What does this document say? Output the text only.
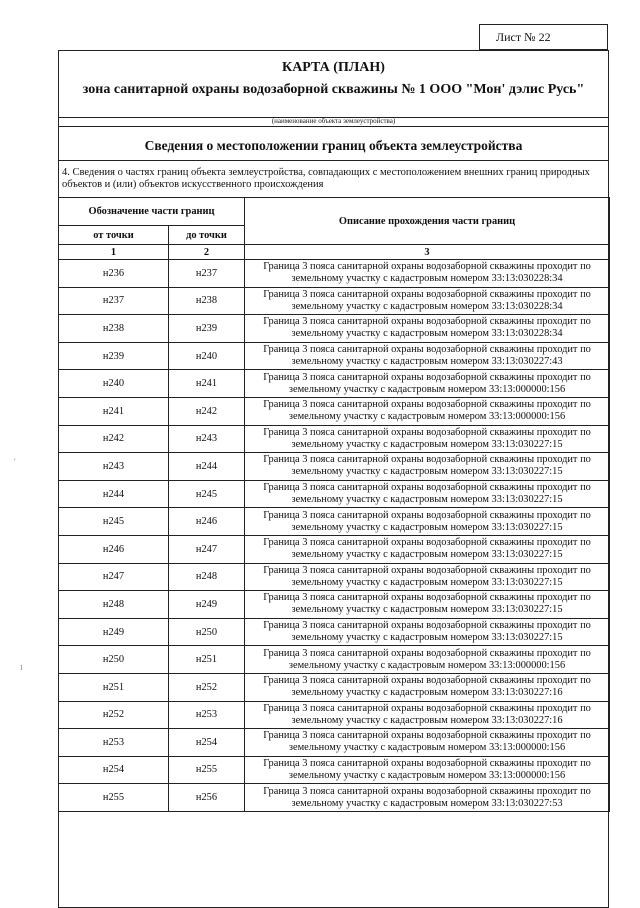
Лист № 22
КАРТА (ПЛАН)
зона санитарной охраны водозаборной скважины № 1 ООО "Мон' дэлис Русь"
(наименование объекта землеустройства)
Сведения о местоположении границ объекта землеустройства
4. Сведения о частях границ объекта землеустройства, совпадающих с местоположением внешних границ природных объектов и (или) объектов искусственного происхождения
Обозначение части границ		Описание прохождения части границ
от точки	до точки	
1	2	3
н236	н237	Граница 3 пояса санитарной охраны водозаборной скважины проходит по земельному участку с кадастровым номером 33:13:030228:34
н237	н238	Граница 3 пояса санитарной охраны водозаборной скважины проходит по земельному участку с кадастровым номером 33:13:030228:34
н238	н239	Граница 3 пояса санитарной охраны водозаборной скважины проходит по земельному участку с кадастровым номером 33:13:030228:34
н239	н240	Граница 3 пояса санитарной охраны водозаборной скважины проходит по земельному участку с кадастровым номером 33:13:030227:43
н240	н241	Граница 3 пояса санитарной охраны водозаборной скважины проходит по земельному участку с кадастровым номером 33:13:000000:156
н241	н242	Граница 3 пояса санитарной охраны водозаборной скважины проходит по земельному участку с кадастровым номером 33:13:000000:156
н242	н243	Граница 3 пояса санитарной охраны водозаборной скважины проходит по земельному участку с кадастровым номером 33:13:030227:15
н243	н244	Граница 3 пояса санитарной охраны водозаборной скважины проходит по земельному участку с кадастровым номером 33:13:030227:15
н244	н245	Граница 3 пояса санитарной охраны водозаборной скважины проходит по земельному участку с кадастровым номером 33:13:030227:15
н245	н246	Граница 3 пояса санитарной охраны водозаборной скважины проходит по земельному участку с кадастровым номером 33:13:030227:15
н246	н247	Граница 3 пояса санитарной охраны водозаборной скважины проходит по земельному участку с кадастровым номером 33:13:030227:15
н247	н248	Граница 3 пояса санитарной охраны водозаборной скважины проходит по земельному участку с кадастровым номером 33:13:030227:15
н248	н249	Граница 3 пояса санитарной охраны водозаборной скважины проходит по земельному участку с кадастровым номером 33:13:030227:15
н249	н250	Граница 3 пояса санитарной охраны водозаборной скважины проходит по земельному участку с кадастровым номером 33:13:030227:15
н250	н251	Граница 3 пояса санитарной охраны водозаборной скважины проходит по земельному участку с кадастровым номером 33:13:000000:156
н251	н252	Граница 3 пояса санитарной охраны водозаборной скважины проходит по земельному участку с кадастровым номером 33:13:030227:16
н252	н253	Граница 3 пояса санитарной охраны водозаборной скважины проходит по земельному участку с кадастровым номером 33:13:030227:16
н253	н254	Граница 3 пояса санитарной охраны водозаборной скважины проходит по земельному участку с кадастровым номером 33:13:000000:156
н254	н255	Граница 3 пояса санитарной охраны водозаборной скважины проходит по земельному участку с кадастровым номером 33:13:000000:156
н255	н256	Граница 3 пояса санитарной охраны водозаборной скважины проходит по земельному участку с кадастровым номером 33:13:030227:53
·
ı
